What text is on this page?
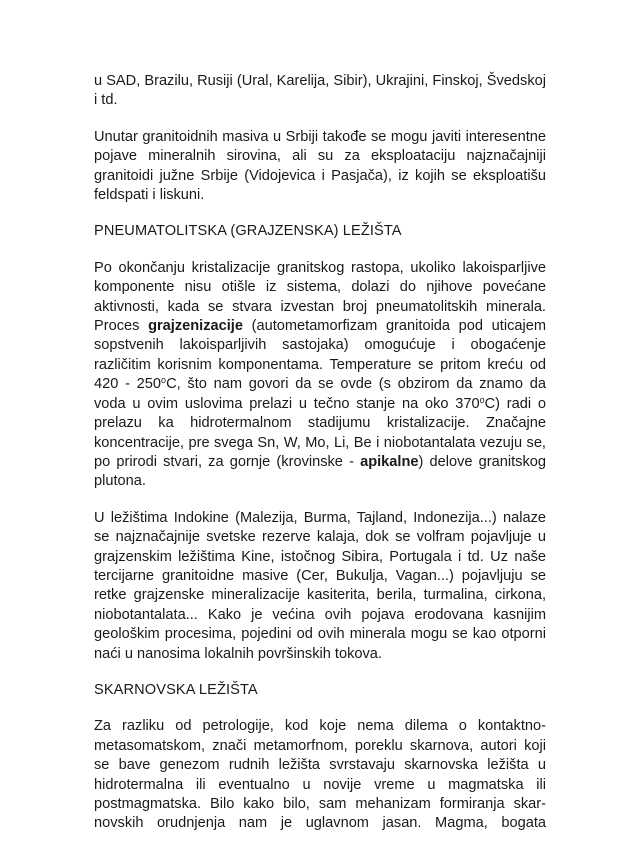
u SAD, Brazilu, Rusiji (Ural, Karelija, Sibir), Ukrajini, Finskoj, Švedskoj i td.

Unutar granitoidnih masiva u Srbiji takođe se mogu javiti interesentne pojave mineralnih sirovina, ali su za eksploataciju najznačajniji granitoidi južne Srbije (Vidojevica i Pasjača), iz kojih se eksploatišu feldspati i liskuni.

PNEUMATOLITSKA (GRAJZENSKA) LEŽIŠTA

Po okončanju kristalizacije granitskog rastopa, ukoliko lakoisparljive komponente nisu otišle iz sistema, dolazi do njihove povećane aktivnosti, kada se stvara izvestan broj pneumatolitskih minerala. Proces grajzenizacije (autometamorfizam granitoida pod uticajem sopstvenih lakoisparljivih sastojaka) omogućuje i obogaćenje različitim korisnim komponentama. Temperature se pritom kreću od 420 - 250$^o$C, što nam govori da se ovde (s obzirom da znamo da voda u ovim uslovima prelazi u tečno stanje na oko 370$^o$C) radi o prelazu ka hidrotermalnom stadijumu kristalizacije. Značajne koncentracije, pre svega Sn, W, Mo, Li, Be i niobotantalata vezuju se, po prirodi stvari, za gornje (krovinske - apikalne) delove granitskog plutona.

U ležištima Indokine (Malezija, Burma, Tajland, Indonezija...) nalaze se najznačajnije svetske rezerve kalaja, dok se volfram pojavljuje u grajzenskim ležištima Kine, istočnog Sibira, Portugala i td. Uz naše tercijarne granitoidne masive (Cer, Bukulja, Vagan...) pojavljuju se retke grajzenske mineralizacije kasiterita, berila, turmalina, cirkona, niobotantalata... Kako je većina ovih pojava erodovana kasnijim geološkim procesima, pojedini od ovih minerala mogu se kao otporni naći u nanosima lokalnih površinskih tokova.

SKARNOVSKA LEŽIŠTA

Za razliku od petrologije, kod koje nema dilema o kontaktno-metasomatskom, znači metamorfnom, poreklu skarnova, autori koji se bave genezom rudnih ležišta svrstavaju skarnovska ležišta u hidrotermalna ili eventualno u novije vreme u magmatska ili postmagmatska. Bilo kako bilo, sam mehanizam formiranja skar-novskih orudnjenja nam je uglavnom jasan. Magma, bogata
